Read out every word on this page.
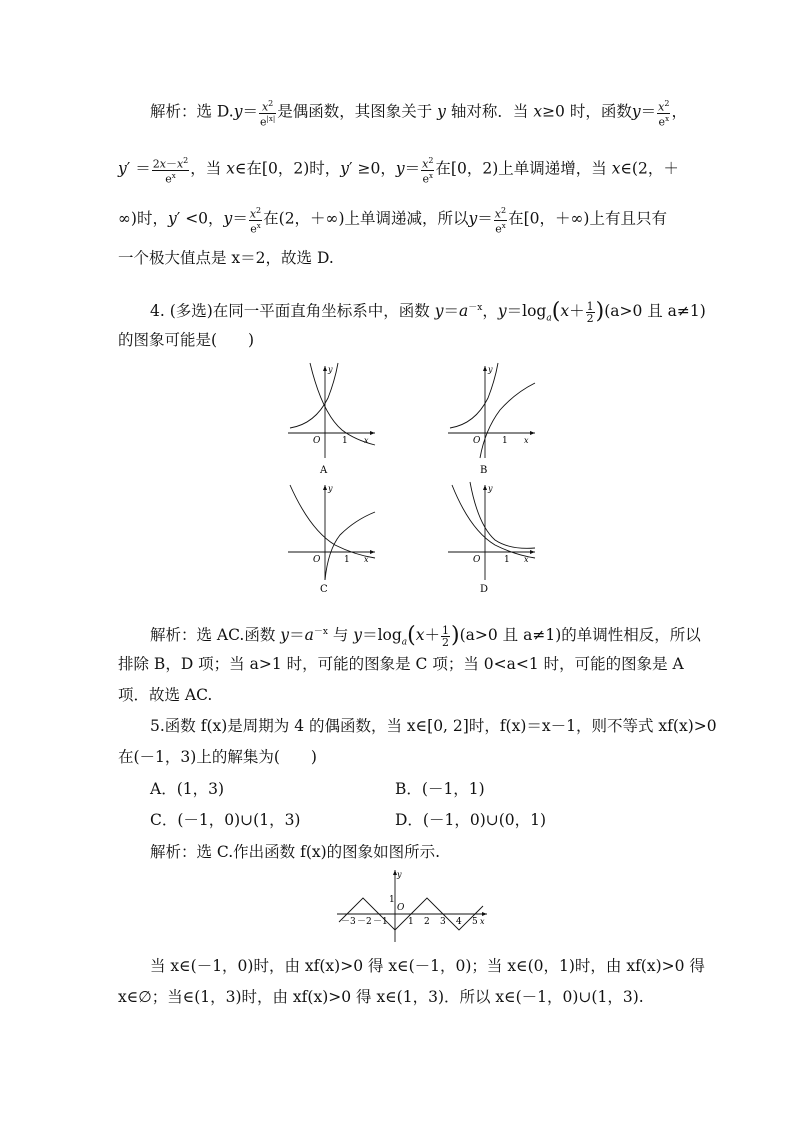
解析：选 $D.y= \frac{x^2}{e^{|x|}}$ 是偶函数，其图象关于 y 轴对称．当 x≥0 时，函数$y= \frac{x^2}{e^x}$ ，
$y' = \frac{2x-x^2}{e^x}$ ，当 x∈在[0，2)时，y′ ≥0，$y= \frac{x^2}{e^x}$ 在[0，2)上单调递增，当 x∈(2，＋
∞)时，y′ <0，$y= \frac{x^2}{e^x}$ 在(2，＋∞)上单调递减，所以$y= \frac{x^2}{e^x}$ 在[0，＋∞)上有且只有
一个极大值点是 x＝2，故选 D.
4. (多选)在同一平面直角坐标系中，函数 $y=a^{-x}$，$y=\log_a(x+ \frac{1}{2} )(a>0$ 且 a≠1)
的图象可能是(　　)
O 1 x
y
A
O 1 x
y
B
O	1 x
y
C
O	1 x
y
D
解析：选 AC.函数 $y=a^{-x}$ 与 $y=\log_a(x+ \frac{1}{2} )(a>0$ 且 a≠1)的单调性相反，所以
排除 B，D 项；当 a>1 时，可能的图象是 C 项；当 0<a<1 时，可能的图象是 A
项．故选 AC.
5.函数 f(x)是周期为 4 的偶函数，当 x∈[0, 2]时，f(x)＝x－1，则不等式 xf(x)>0
在(－1，3)上的解集为(　　)
A．(1，3)	B．(－1，1)
C．(－1，0)∪(1，3)	D．(－1，0)∪(0，1)
解析：选 C.作出函数 f(x)的图象如图所示.
y
x
1
O
－3 －2 －1 1 2 3 4 5
当 x∈(－1，0)时，由 xf(x)>0 得 x∈(－1，0)；当 x∈(0，1)时，由 xf(x)>0 得
x∈∅；当∈(1，3)时，由 xf(x)>0 得 x∈(1，3)．所以 x∈(－1，0)∪(1，3).
